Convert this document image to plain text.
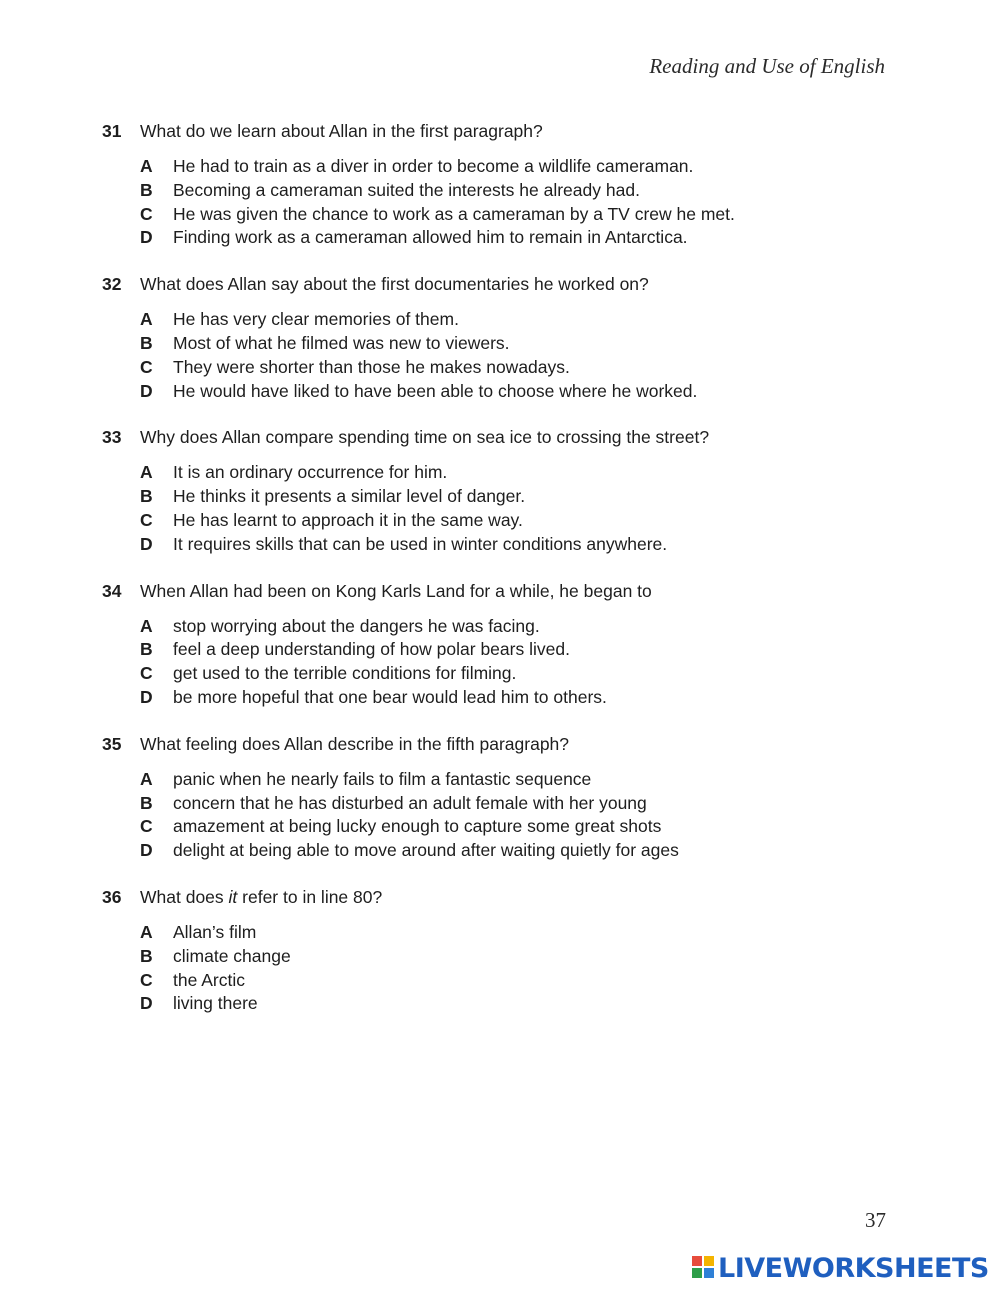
Reading and Use of English
31	What do we learn about Allan in the first paragraph?
A	He had to train as a diver in order to become a wildlife cameraman.
B	Becoming a cameraman suited the interests he already had.
C	He was given the chance to work as a cameraman by a TV crew he met.
D	Finding work as a cameraman allowed him to remain in Antarctica.
32	What does Allan say about the first documentaries he worked on?
A	He has very clear memories of them.
B	Most of what he filmed was new to viewers.
C	They were shorter than those he makes nowadays.
D	He would have liked to have been able to choose where he worked.
33	Why does Allan compare spending time on sea ice to crossing the street?
A	It is an ordinary occurrence for him.
B	He thinks it presents a similar level of danger.
C	He has learnt to approach it in the same way.
D	It requires skills that can be used in winter conditions anywhere.
34	When Allan had been on Kong Karls Land for a while, he began to
A	stop worrying about the dangers he was facing.
B	feel a deep understanding of how polar bears lived.
C	get used to the terrible conditions for filming.
D	be more hopeful that one bear would lead him to others.
35	What feeling does Allan describe in the fifth paragraph?
A	panic when he nearly fails to film a fantastic sequence
B	concern that he has disturbed an adult female with her young
C	amazement at being lucky enough to capture some great shots
D	delight at being able to move around after waiting quietly for ages
36	What does it refer to in line 80?
A	Allan’s film
B	climate change
C	the Arctic
D	living there
37
LIVEWORKSHEETS
